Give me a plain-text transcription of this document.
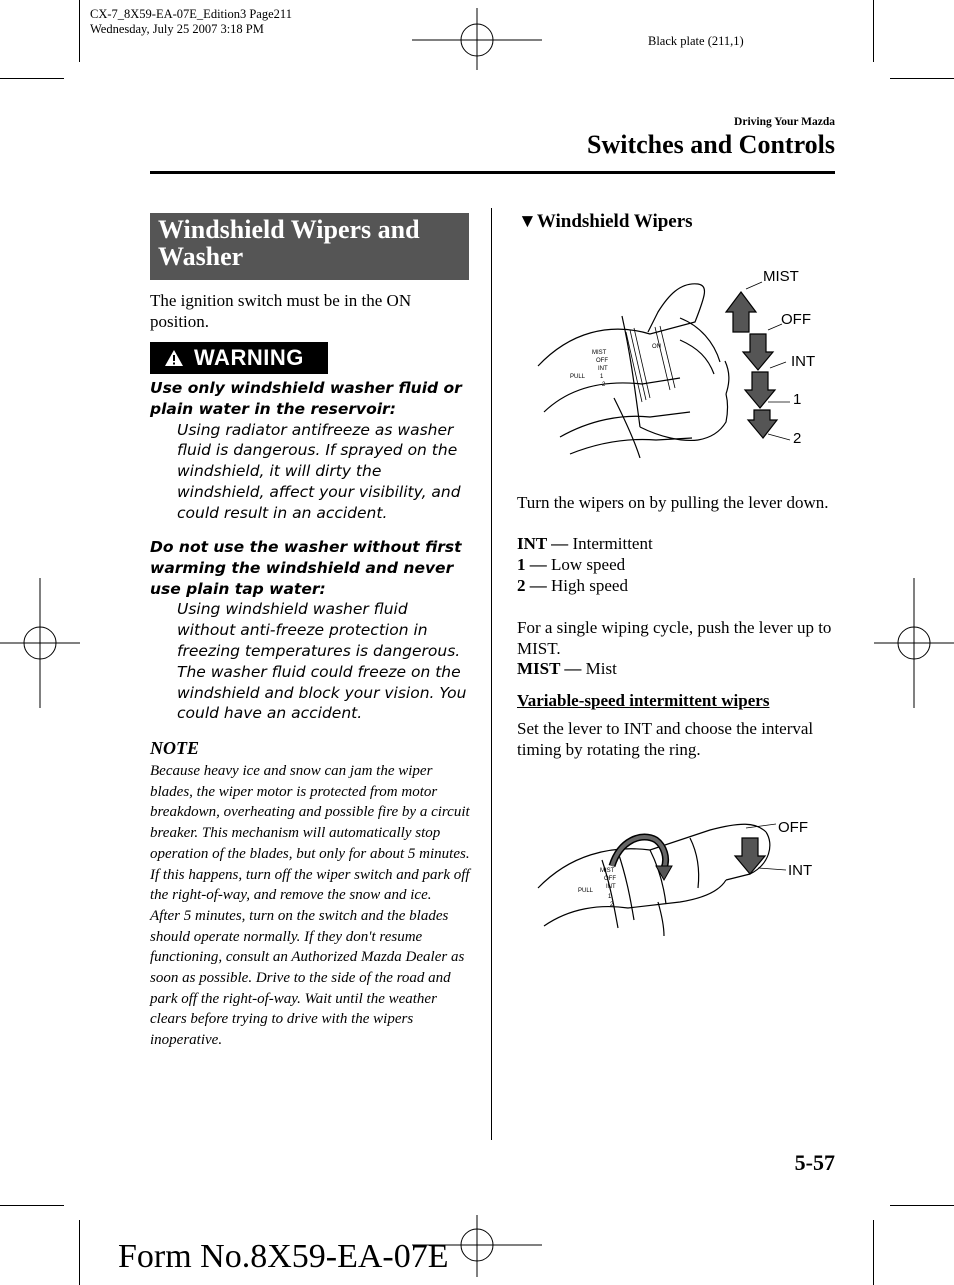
CX-7_8X59-EA-07E_Edition3 Page211
Wednesday, July 25 2007 3:18 PM
Black plate (211,1)
Driving Your Mazda
Switches and Controls
Windshield Wipers and Washer
The ignition switch must be in the ON position.
WARNING
Use only windshield washer fluid or plain water in the reservoir:
Using radiator antifreeze as washer fluid is dangerous. If sprayed on the windshield, it will dirty the windshield, affect your visibility, and could result in an accident.
Do not use the washer without first warming the windshield and never use plain tap water:
Using windshield washer fluid without anti-freeze protection in freezing temperatures is dangerous. The washer fluid could freeze on the windshield and block your vision. You could have an accident.
NOTE
Because heavy ice and snow can jam the wiper blades, the wiper motor is protected from motor breakdown, overheating and possible fire by a circuit breaker. This mechanism will automatically stop operation of the blades, but only for about 5 minutes.
If this happens, turn off the wiper switch and park off the right-of-way, and remove the snow and ice.
After 5 minutes, turn on the switch and the blades should operate normally. If they don't resume functioning, consult an Authorized Mazda Dealer as soon as possible. Drive to the side of the road and park off the right-of-way. Wait until the weather clears before trying to drive with the wipers inoperative.
▼Windshield Wipers
MIST
OFF
INT
ON
PULL 1
2
MIST
OFF
INT
1
2
Turn the wipers on by pulling the lever down.
INT — Intermittent
1 — Low speed
2 — High speed
For a single wiping cycle, push the lever up to MIST.
MIST — Mist
Variable-speed intermittent wipers
Set the lever to INT and choose the interval timing by rotating the ring.
MIST
OFF
INT
PULL
1
2
OFF
INT
5-57
Form No.8X59-EA-07E
